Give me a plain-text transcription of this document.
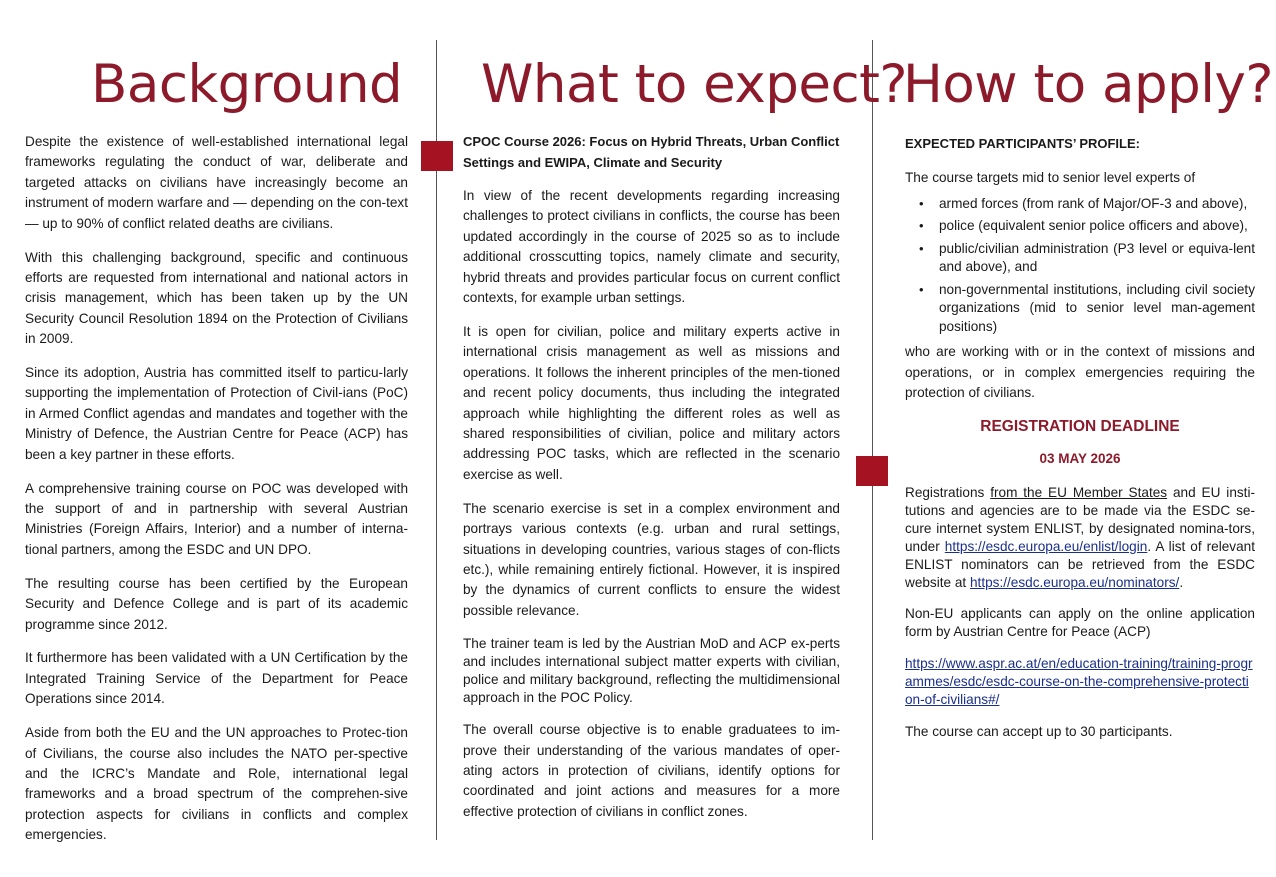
Background

Despite the existence of well-established international legal frameworks regulating the conduct of war, deliberate and targeted attacks on civilians have increasingly become an instrument of modern warfare and — depending on the con-text — up to 90% of conflict related deaths are civilians.

With this challenging background, specific and continuous efforts are requested from international and national actors in crisis management, which has been taken up by the UN Security Council Resolution 1894 on the Protection of Civilians in 2009.

Since its adoption, Austria has committed itself to particu-larly supporting the implementation of Protection of Civil-ians (PoC) in Armed Conflict agendas and mandates and together with the Ministry of Defence, the Austrian Centre for Peace (ACP) has been a key partner in these efforts.

A comprehensive training course on POC was developed with the support of and in partnership with several Austrian Ministries (Foreign Affairs, Interior) and a number of interna-tional partners, among the ESDC and UN DPO.

The resulting course has been certified by the European Security and Defence College and is part of its academic programme since 2012.

It furthermore has been validated with a UN Certification by the Integrated Training Service of the Department for Peace Operations since 2014.

Aside from both the EU and the UN approaches to Protec-tion of Civilians, the course also includes the NATO per-spective and the ICRC’s Mandate and Role, international legal frameworks and a broad spectrum of the comprehen-sive protection aspects for civilians in conflicts and complex emergencies.

What to expect?

CPOC Course 2026: Focus on Hybrid Threats, Urban Conflict Settings and EWIPA, Climate and Security

In view of the recent developments regarding increasing challenges to protect civilians in conflicts, the course has been updated accordingly in the course of 2025 so as to include additional crosscutting topics, namely climate and security, hybrid threats and provides particular focus on current conflict contexts, for example urban settings.

It is open for civilian, police and military experts active in international crisis management as well as missions and operations. It follows the inherent principles of the men-tioned and recent policy documents, thus including the integrated approach while highlighting the different roles as well as shared responsibilities of civilian, police and military actors addressing POC tasks, which are reflected in the scenario exercise as well.

The scenario exercise is set in a complex environment and portrays various contexts (e.g. urban and rural settings, situations in developing countries, various stages of con-flicts etc.), while remaining entirely fictional. However, it is inspired by the dynamics of current conflicts to ensure the widest possible relevance.

The trainer team is led by the Austrian MoD and ACP ex-perts and includes international subject matter experts with civilian, police and military background, reflecting the multidimensional approach in the POC Policy.

The overall course objective is to enable graduatees to im-prove their understanding of the various mandates of oper-ating actors in protection of civilians, identify options for coordinated and joint actions and measures for a more effective protection of civilians in conflict zones.

How to apply?

EXPECTED PARTICIPANTS’ PROFILE:

The course targets mid to senior level experts of

• armed forces (from rank of Major/OF-3 and above),
• police (equivalent senior police officers and above),
• public/civilian administration (P3 level or equiva-lent and above), and
• non-governmental institutions, including civil society organizations (mid to senior level man-agement positions)

who are working with or in the context of missions and operations, or in complex emergencies requiring the protection of civilians.

REGISTRATION DEADLINE

03 MAY 2026

Registrations from the EU Member States and EU insti-tutions and agencies are to be made via the ESDC se-cure internet system ENLIST, by designated nomina-tors, under https://esdc.europa.eu/enlist/login. A list of relevant ENLIST nominators can be retrieved from the ESDC website at https://esdc.europa.eu/nominators/.

Non-EU applicants can apply on the online application form by Austrian Centre for Peace (ACP)

https://www.aspr.ac.at/en/education-training/training-programmes/esdc/esdc-course-on-the-comprehensive-protection-of-civilians#/

The course can accept up to 30 participants.
